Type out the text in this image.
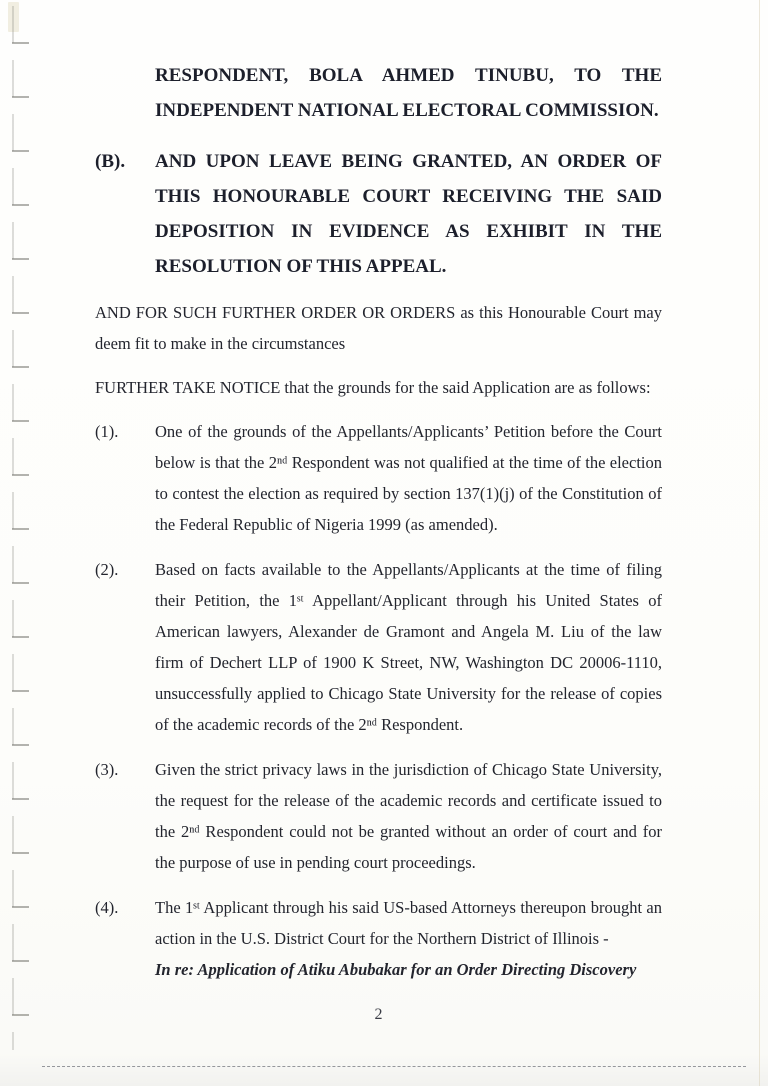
RESPONDENT, BOLA AHMED TINUBU, TO THE INDEPENDENT NATIONAL ELECTORAL COMMISSION.

(B).	AND UPON LEAVE BEING GRANTED, AN ORDER OF THIS HONOURABLE COURT RECEIVING THE SAID DEPOSITION IN EVIDENCE AS EXHIBIT IN THE RESOLUTION OF THIS APPEAL.

AND FOR SUCH FURTHER ORDER OR ORDERS as this Honourable Court may deem fit to make in the circumstances

FURTHER TAKE NOTICE that the grounds for the said Application are as follows:

(1).	One of the grounds of the Appellants/Applicants’ Petition before the Court below is that the 2ⁿᵈ Respondent was not qualified at the time of the election to contest the election as required by section 137(1)(j) of the Constitution of the Federal Republic of Nigeria 1999 (as amended).
(2).	Based on facts available to the Appellants/Applicants at the time of filing their Petition, the 1ˢᵗ Appellant/Applicant through his United States of American lawyers, Alexander de Gramont and Angela M. Liu of the law firm of Dechert LLP of 1900 K Street, NW, Washington DC 20006-1110, unsuccessfully applied to Chicago State University for the release of copies of the academic records of the 2ⁿᵈ Respondent.
(3).	Given the strict privacy laws in the jurisdiction of Chicago State University, the request for the release of the academic records and certificate issued to the 2ⁿᵈ Respondent could not be granted without an order of court and for the purpose of use in pending court proceedings.
(4).	The 1ˢᵗ Applicant through his said US-based Attorneys thereupon brought an action in the U.S. District Court for the Northern District of Illinois -
In re: Application of Atiku Abubakar for an Order Directing Discovery
2
